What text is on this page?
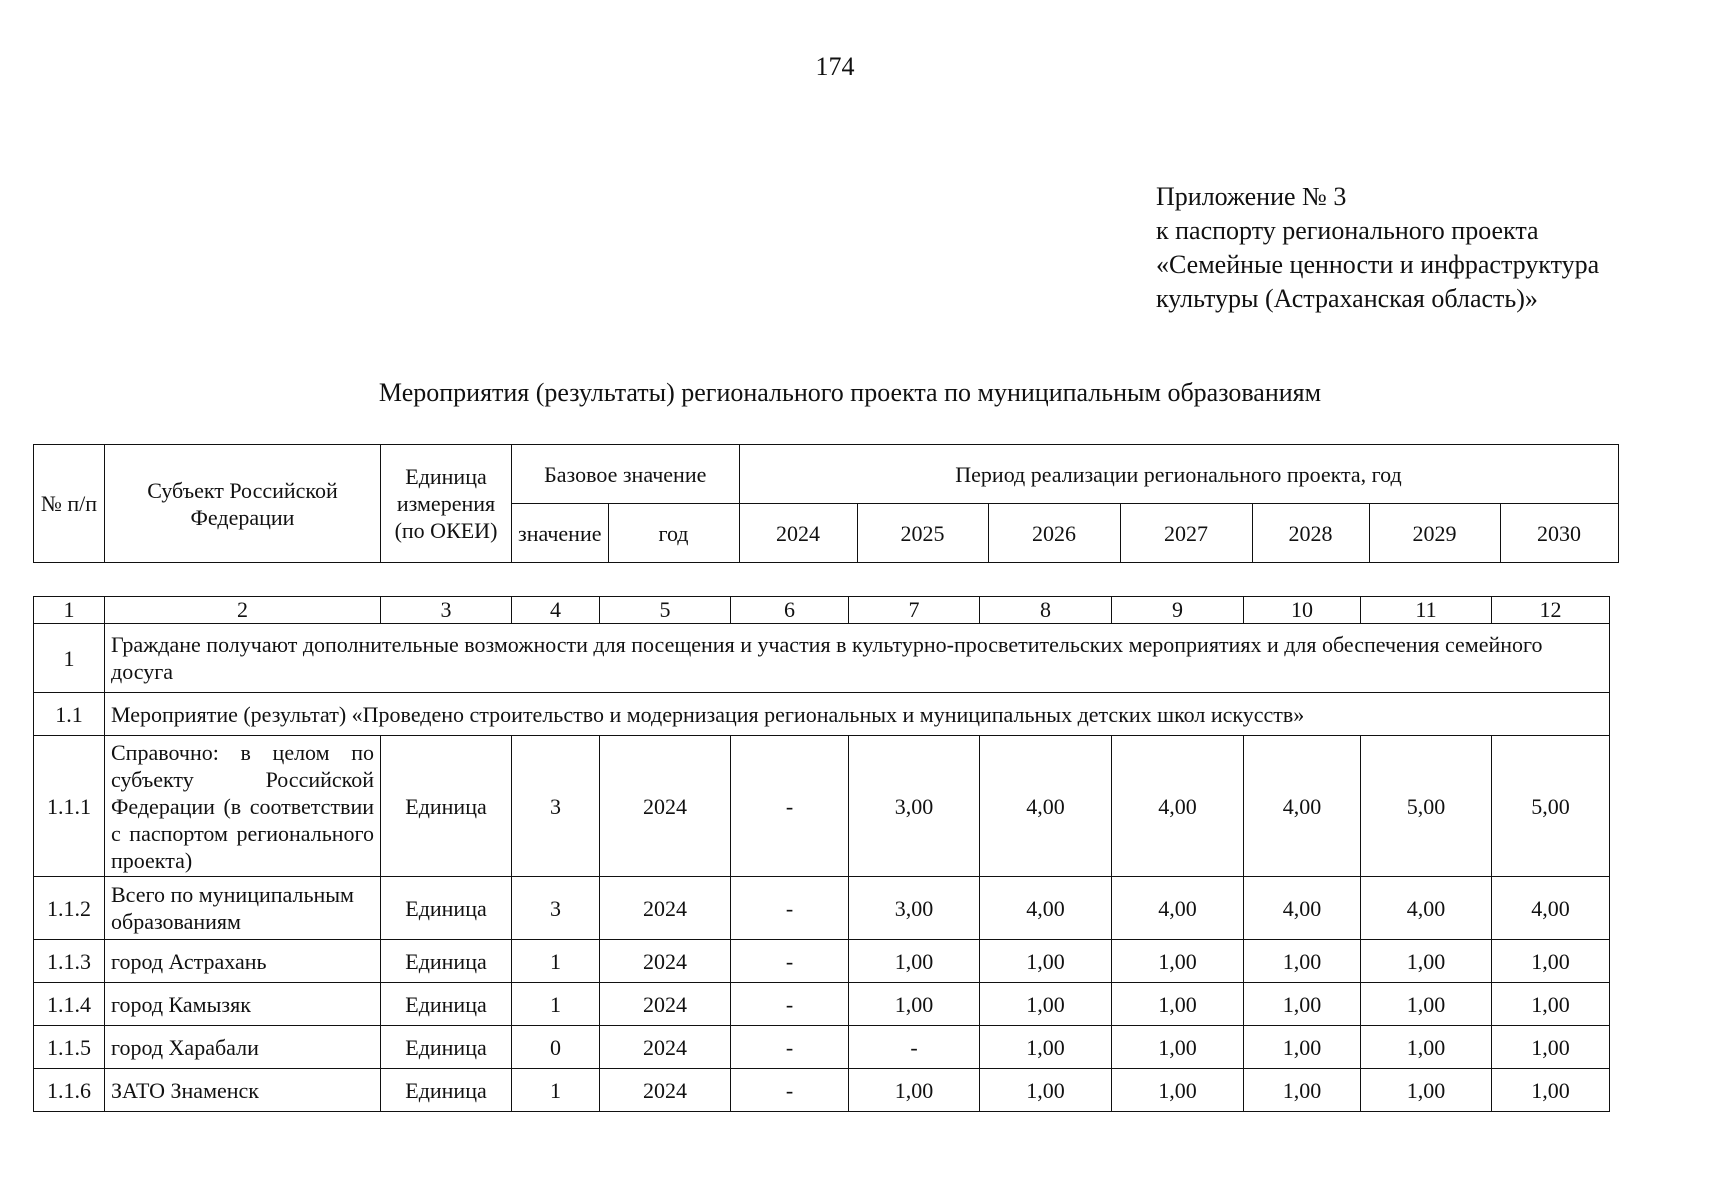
174
Приложение № 3
к паспорту регионального проекта
«Семейные ценности и инфраструктура
культуры (Астраханская область)»
Мероприятия (результаты) регионального проекта по муниципальным образованиям
№ п/п	Субъект Российской Федерации	Единица измерения (по ОКЕИ)	Базовое значение		Период реализации регионального проекта, год						
			значение	год	2024	2025	2026	2027	2028	2029	2030
1	2	3	4	5	6	7	8	9	10	11	12
1	Граждане получают дополнительные возможности для посещения и участия в культурно-просветительских мероприятиях и для обеспечения семейного досуга										
1.1	Мероприятие (результат) «Проведено строительство и модернизация региональных и муниципальных детских школ искусств»										
1.1.1	Справочно: в целом по субъекту Российской Федерации (в соответствии с паспортом регионального проекта)	Единица	3	2024	-	3,00	4,00	4,00	4,00	5,00	5,00
1.1.2	Всего по муниципальным образованиям	Единица	3	2024	-	3,00	4,00	4,00	4,00	4,00	4,00
1.1.3	город Астрахань	Единица	1	2024	-	1,00	1,00	1,00	1,00	1,00	1,00
1.1.4	город Камызяк	Единица	1	2024	-	1,00	1,00	1,00	1,00	1,00	1,00
1.1.5	город Харабали	Единица	0	2024	-	-	1,00	1,00	1,00	1,00	1,00
1.1.6	ЗАТО Знаменск	Единица	1	2024	-	1,00	1,00	1,00	1,00	1,00	1,00
